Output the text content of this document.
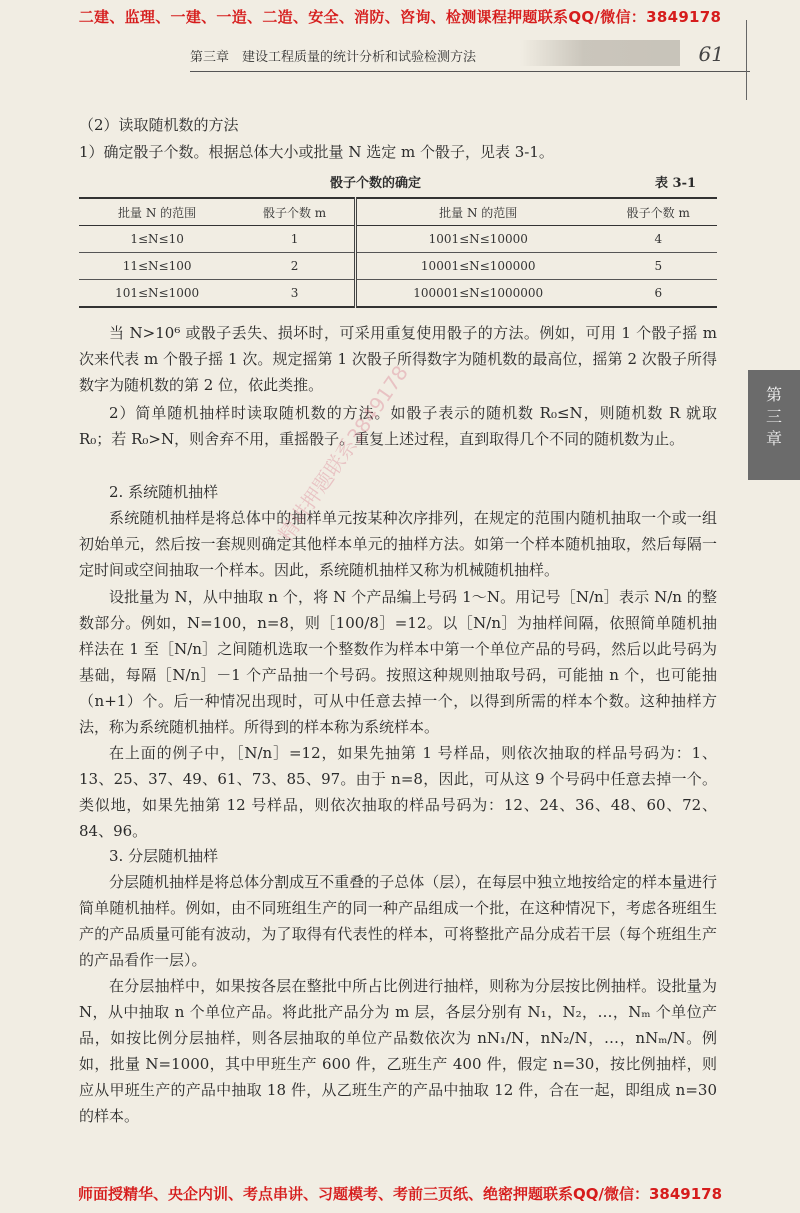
二建、监理、一建、一造、二造、安全、消防、咨询、检测课程押题联系QQ/微信：3849178
第三章　建设工程质量的统计分析和试验检测方法	61
（2）读取随机数的方法
1）确定骰子个数。根据总体大小或批量 N 选定 m 个骰子，见表 3-1。
骰子个数的确定	表 3-1
批量 N 的范围	骰子个数 m	批量 N 的范围	骰子个数 m
1≤N≤10	1	1001≤N≤10000	4
11≤N≤100	2	10001≤N≤100000	5
101≤N≤1000	3	100001≤N≤1000000	6
当 N>10⁶ 或骰子丢失、损坏时，可采用重复使用骰子的方法。例如，可用 1 个骰子摇 m 次来代表 m 个骰子摇 1 次。规定摇第 1 次骰子所得数字为随机数的最高位，摇第 2 次骰子所得数字为随机数的第 2 位，依此类推。
2）简单随机抽样时读取随机数的方法。如骰子表示的随机数 R₀≤N，则随机数 R 就取 R₀；若 R₀>N，则舍弃不用，重摇骰子。重复上述过程，直到取得几个不同的随机数为止。
2. 系统随机抽样
系统随机抽样是将总体中的抽样单元按某种次序排列，在规定的范围内随机抽取一个或一组初始单元，然后按一套规则确定其他样本单元的抽样方法。如第一个样本随机抽取，然后每隔一定时间或空间抽取一个样本。因此，系统随机抽样又称为机械随机抽样。
设批量为 N，从中抽取 n 个，将 N 个产品编上号码 1～N。用记号［N/n］表示 N/n 的整数部分。例如，N=100，n=8，则［100/8］=12。以［N/n］为抽样间隔，依照简单随机抽样法在 1 至［N/n］之间随机选取一个整数作为样本中第一个单位产品的号码，然后以此号码为基础，每隔［N/n］－1 个产品抽一个号码。按照这种规则抽取号码，可能抽 n 个，也可能抽（n+1）个。后一种情况出现时，可从中任意去掉一个，以得到所需的样本个数。这种抽样方法，称为系统随机抽样。所得到的样本称为系统样本。
在上面的例子中，［N/n］=12，如果先抽第 1 号样品，则依次抽取的样品号码为：1、13、25、37、49、61、73、85、97。由于 n=8，因此，可从这 9 个号码中任意去掉一个。类似地，如果先抽第 12 号样品，则依次抽取的样品号码为：12、24、36、48、60、72、84、96。
3. 分层随机抽样
分层随机抽样是将总体分割成互不重叠的子总体（层），在每层中独立地按给定的样本量进行简单随机抽样。例如，由不同班组生产的同一种产品组成一个批，在这种情况下，考虑各班组生产的产品质量可能有波动，为了取得有代表性的样本，可将整批产品分成若干层（每个班组生产的产品看作一层）。
在分层抽样中，如果按各层在整批中所占比例进行抽样，则称为分层按比例抽样。设批量为 N，从中抽取 n 个单位产品。将此批产品分为 m 层，各层分别有 N₁，N₂，…，Nₘ 个单位产品，如按比例分层抽样，则各层抽取的单位产品数依次为 nN₁/N，nN₂/N，…，nNₘ/N。例如，批量 N=1000，其中甲班生产 600 件，乙班生产 400 件，假定 n=30，按比例抽样，则应从甲班生产的产品中抽取 18 件，从乙班生产的产品中抽取 12 件，合在一起，即组成 n=30 的样本。
第三章
精讲押题联系3849178
师面授精华、央企内训、考点串讲、习题模考、考前三页纸、绝密押题联系QQ/微信：3849178
